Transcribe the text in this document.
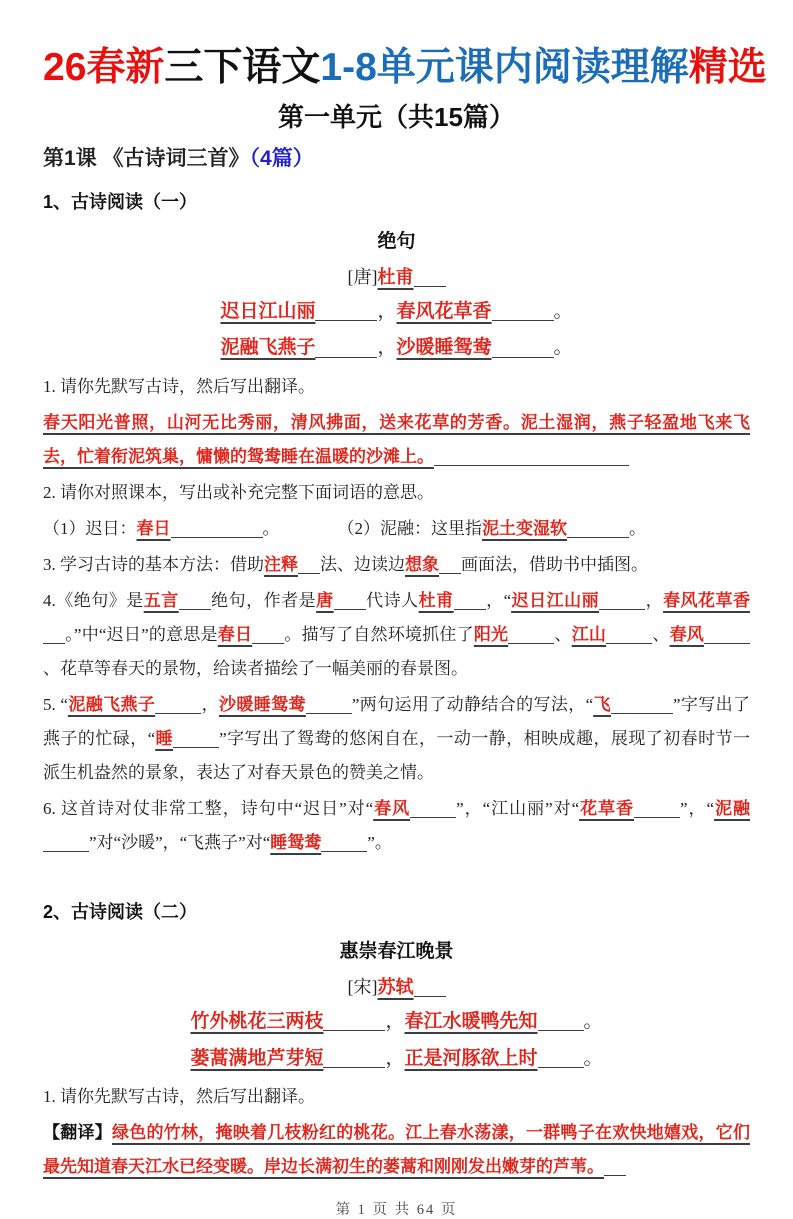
26春新三下语文1-8单元课内阅读理解精选
第一单元（共15篇）
第1课 《古诗词三首》（4篇）
1、古诗阅读（一）
绝句
[唐]杜甫
迟日江山丽	，春风花草香	。
泥融飞燕子	，沙暖睡鸳鸯	。
1. 请你先默写古诗，然后写出翻译。
春天阳光普照，山河无比秀丽，清风拂面，送来花草的芳香。泥土湿润，燕子轻盈地飞来飞去，忙着衔泥筑巢，慵懒的鸳鸯睡在温暖的沙滩上。
2. 请你对照课本，写出或补充完整下面词语的意思。
（1）迟日：春日	。	（2）泥融：这里指泥土变湿软	。
3. 学习古诗的基本方法：借助注释 法、边读边想象 画面法，借助书中插图。
4.《绝句》是五言 绝句，作者是唐 代诗人杜甫 ，“迟日江山丽	，春风花草香。”中“迟日”的意思是春日 。描写了自然环境抓住了阳光	、江山	、春风、花草等春天的景物，给读者描绘了一幅美丽的春景图。
5. “泥融飞燕子	，沙暖睡鸳鸯	”两句运用了动静结合的写法，“飞	”字写出了燕子的忙碌，“睡	”字写出了鸳鸯的悠闲自在，一动一静，相映成趣，展现了初春时节一派生机盎然的景象，表达了对春天景色的赞美之情。
6. 这首诗对仗非常工整，诗句中“迟日”对“春风	”，“江山丽”对“花草香	”，“泥融”对“沙暖”，“飞燕子”对“睡鸳鸯	”。
2、古诗阅读（二）
惠崇春江晚景
[宋]苏轼
竹外桃花三两枝	，春江水暖鸭先知 。
蒌蒿满地芦芽短	，正是河豚欲上时 。
1. 请你先默写古诗，然后写出翻译。
【翻译】绿色的竹林，掩映着几枝粉红的桃花。江上春水荡漾，一群鸭子在欢快地嬉戏，它们最先知道春天江水已经变暖。岸边长满初生的蒌蒿和刚刚发出嫩芽的芦苇。
第 1 页 共 64 页
